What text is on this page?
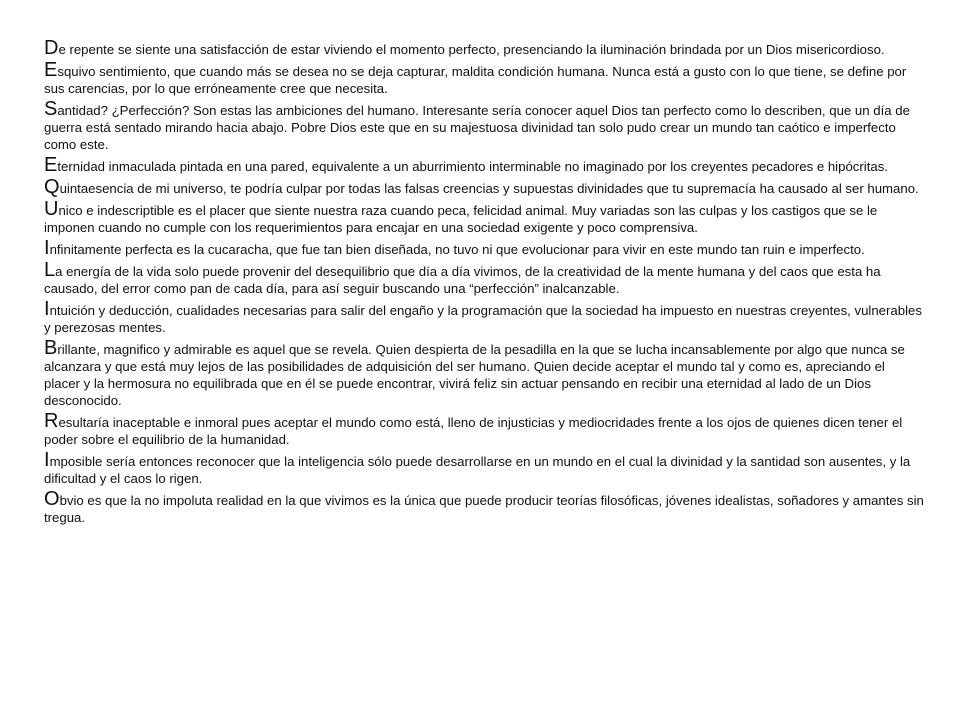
De repente se siente una satisfacción de estar viviendo el momento perfecto, presenciando la iluminación brindada por un Dios misericordioso.

Esquivo sentimiento, que cuando más se desea no se deja capturar, maldita condición humana. Nunca está a gusto con lo que tiene, se define por sus carencias, por lo que erróneamente cree que necesita.

Santidad? ¿Perfección? Son estas las ambiciones del humano. Interesante sería conocer aquel Dios tan perfecto como lo describen, que un día de guerra está sentado mirando hacia abajo. Pobre Dios este que en su majestuosa divinidad tan solo pudo crear un mundo tan caótico e imperfecto como este.

Eternidad inmaculada pintada en una pared, equivalente a un aburrimiento interminable no imaginado por los creyentes pecadores e hipócritas.

Quintaesencia de mi universo, te podría culpar por todas las falsas creencias y supuestas divinidades que tu supremacía ha causado al ser humano.

Unico e indescriptible es el placer que siente nuestra raza cuando peca, felicidad animal. Muy variadas son las culpas y los castigos que se le imponen cuando no cumple con los requerimientos para encajar en una sociedad exigente y poco comprensiva.

Infinitamente perfecta es la cucaracha, que fue tan bien diseñada, no tuvo ni que evolucionar para vivir en este mundo tan ruin e imperfecto.

La energía de la vida solo puede provenir del desequilibrio que día a día vivimos, de la creatividad de la mente humana y del caos que esta ha causado, del error como pan de cada día, para así seguir buscando una “perfección” inalcanzable.

Intuición y deducción, cualidades necesarias para salir del engaño y la programación que la sociedad ha impuesto en nuestras creyentes, vulnerables y perezosas mentes.

Brillante, magnifico y admirable es aquel que se revela. Quien despierta de la pesadilla en la que se lucha incansablemente por algo que nunca se alcanzara y que está muy lejos de las posibilidades de adquisición del ser humano. Quien decide aceptar el mundo tal y como es, apreciando el placer y la hermosura no equilibrada que en él se puede encontrar, vivirá feliz sin actuar pensando en recibir una eternidad al lado de un Dios desconocido.

Resultaría inaceptable e inmoral pues aceptar el mundo como está, lleno de injusticias y mediocridades frente a los ojos de quienes dicen tener el poder sobre el equilibrio de la humanidad.

Imposible sería entonces reconocer que la inteligencia sólo puede desarrollarse en un mundo en el cual la divinidad y la santidad son ausentes, y la dificultad y el caos lo rigen.

Obvio es que la no impoluta realidad en la que vivimos es la única que puede producir teorías filosóficas, jóvenes idealistas, soñadores y amantes sin tregua.
